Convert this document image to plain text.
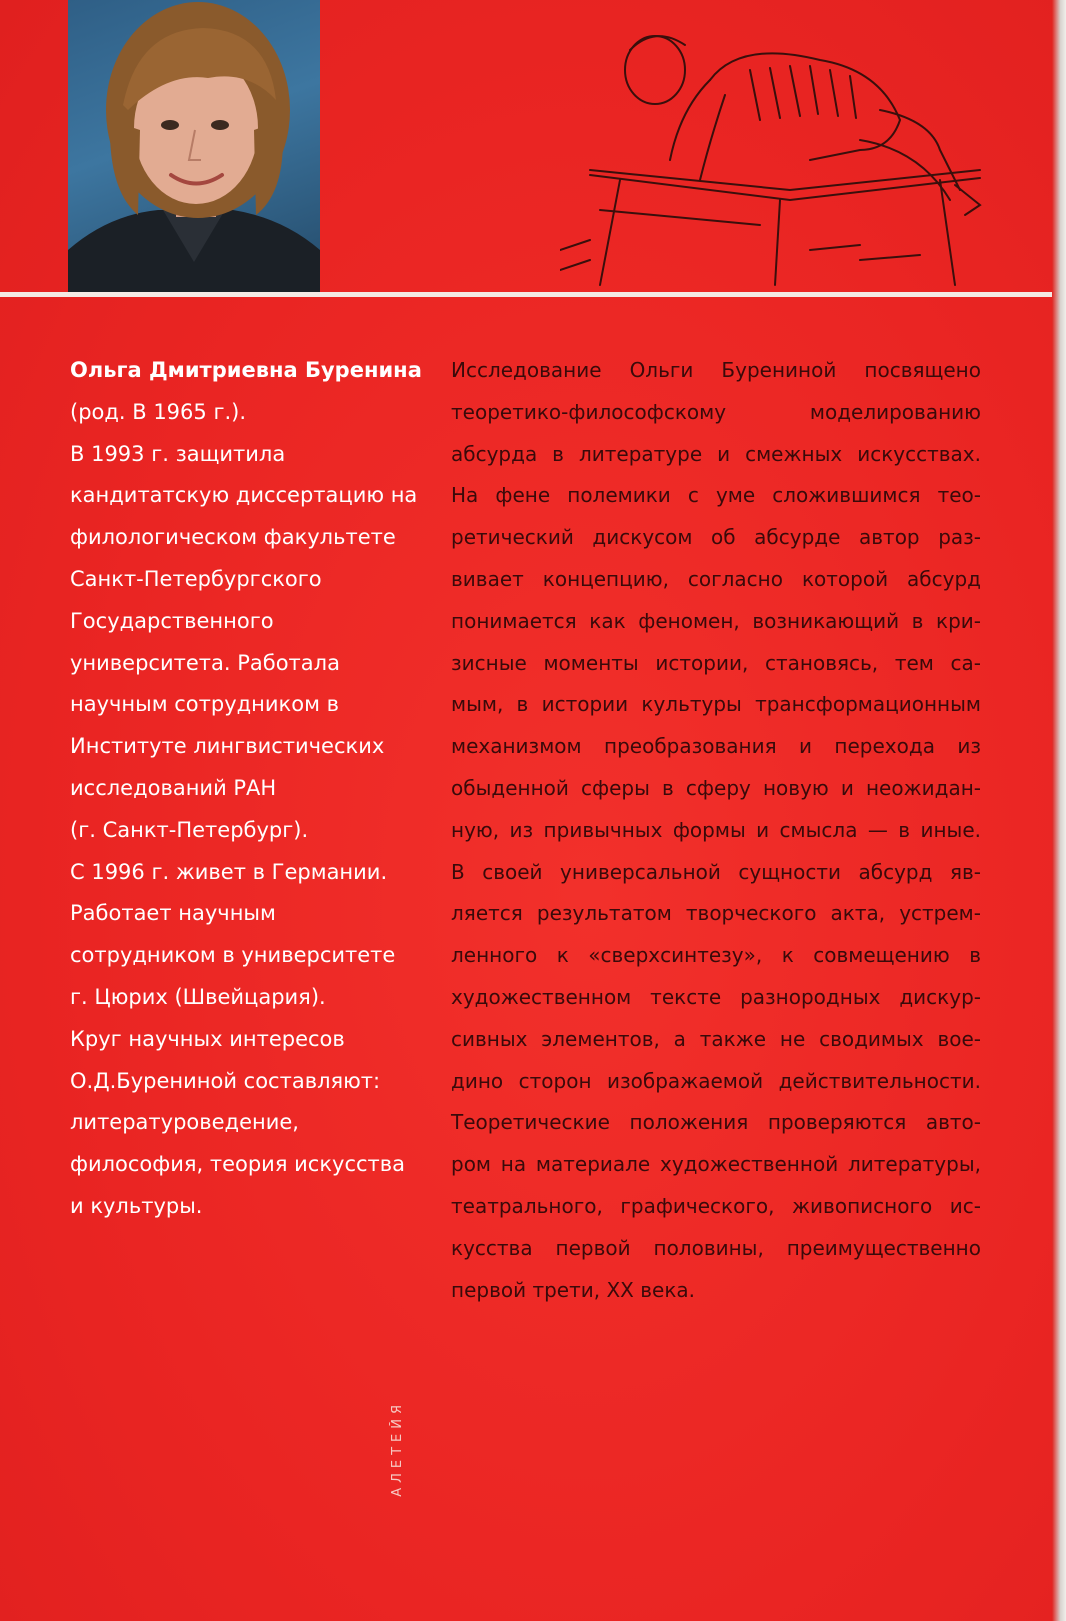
Ольга Дмитриевна Буренина
(род. В 1965 г.).
В 1993 г. защитила
кандитатскую диссертацию на
филологическом факультете
Санкт-Петербургского
Государственного
университета. Работала
научным сотрудником в
Институте лингвистических
исследований РАН
(г. Санкт-Петербург).
С 1996 г. живет в Германии.
Работает научным
сотрудником в университете
г. Цюрих (Швейцария).
Круг научных интересов
О.Д.Бурениной составляют:
литературоведение,
философия, теория искусства
и культуры.
Исследование Ольги Бурениной посвящено
теоретико-философскому моделированию
абсурда в литературе и смежных искусствах.
На фене полемики с уме сложившимся тео-
ретический дискусом об абсурде автор раз-
вивает концепцию, согласно которой абсурд
понимается как феномен, возникающий в кри-
зисные моменты истории, становясь, тем са-
мым, в истории культуры трансформационным
механизмом преобразования и перехода из
обыденной сферы в сферу новую и неожидан-
ную, из привычных формы и смысла — в иные.
В своей универсальной сущности абсурд яв-
ляется результатом творческого акта, устрем-
ленного к «сверхсинтезу», к совмещению в
художественном тексте разнородных дискур-
сивных элементов, а также не сводимых вое-
дино сторон изображаемой действительности.
Теоретические положения проверяются авто-
ром на материале художественной литературы,
театрального, графического, живописного ис-
кусства первой половины, преимущественно
первой трети, XX века.
АЛЕТЕЙЯ
